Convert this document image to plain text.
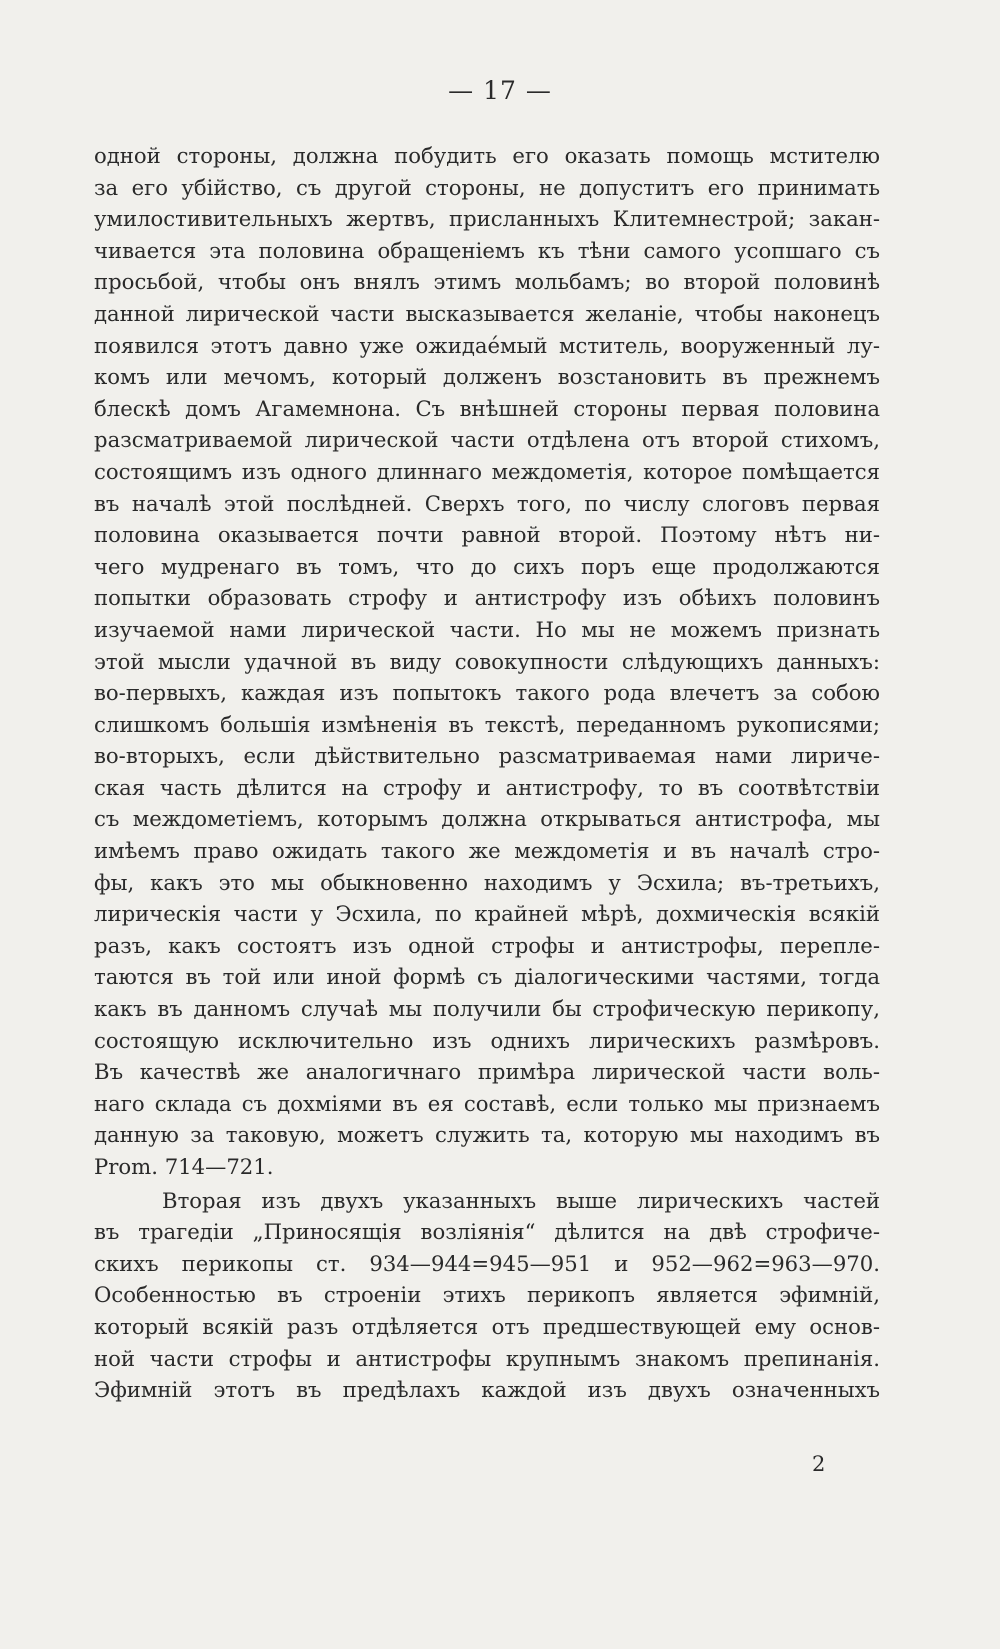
— 17 —
одной стороны, должна побудить его оказать помощь мстителю
за его убійство, съ другой стороны, не допуститъ его принимать
умилостивительныхъ жертвъ, присланныхъ Клитемнестрой; закан-
чивается эта половина обращеніемъ къ тѣни самого усопшаго съ
просьбой, чтобы онъ внялъ этимъ мольбамъ; во второй половинѣ
данной лирической части высказывается желаніе, чтобы наконецъ
появился этотъ давно уже ожидае́мый мститель, вооруженный лу-
комъ или мечомъ, который долженъ возстановить въ прежнемъ
блескѣ домъ Агамемнона. Съ внѣшней стороны первая половина
разсматриваемой лирической части отдѣлена отъ второй стихомъ,
состоящимъ изъ одного длиннаго междометія, которое помѣщается
въ началѣ этой послѣдней. Сверхъ того, по числу слоговъ первая
половина оказывается почти равной второй. Поэтому нѣтъ ни-
чего мудренаго въ томъ, что до сихъ поръ еще продолжаются
попытки образовать строфу и антистрофу изъ обѣихъ половинъ
изучаемой нами лирической части. Но мы не можемъ признать
этой мысли удачной въ виду совокупности слѣдующихъ данныхъ:
во-первыхъ, каждая изъ попытокъ такого рода влечетъ за собою
слишкомъ большія измѣненія въ текстѣ, переданномъ рукописями;
во-вторыхъ, если дѣйствительно разсматриваемая нами лириче-
ская часть дѣлится на строфу и антистрофу, то въ соотвѣтствіи
съ междометіемъ, которымъ должна открываться антистрофа, мы
имѣемъ право ожидать такого же междометія и въ началѣ стро-
фы, какъ это мы обыкновенно находимъ у Эсхила; въ-третьихъ,
лирическія части у Эсхила, по крайней мѣрѣ, дохмическія всякій
разъ, какъ состоятъ изъ одной строфы и антистрофы, перепле-
таются въ той или иной формѣ съ діалогическими частями, тогда
какъ въ данномъ случаѣ мы получили бы строфическую перикопу,
состоящую исключительно изъ однихъ лирическихъ размѣровъ.
Въ качествѣ же аналогичнаго примѣра лирической части воль-
наго склада съ дохміями въ ея составѣ, если только мы признаемъ
данную за таковую, можетъ служить та, которую мы находимъ въ
Prom. 714—721.
Вторая изъ двухъ указанныхъ выше лирическихъ частей
въ трагедіи „Приносящія возліянія“ дѣлится на двѣ строфиче-
скихъ перикопы ст. 934—944=945—951 и 952—962=963—970.
Особенностью въ строеніи этихъ перикопъ является эфимній,
который всякій разъ отдѣляется отъ предшествующей ему основ-
ной части строфы и антистрофы крупнымъ знакомъ препинанія.
Эфимній этотъ въ предѣлахъ каждой изъ двухъ означенныхъ
2
